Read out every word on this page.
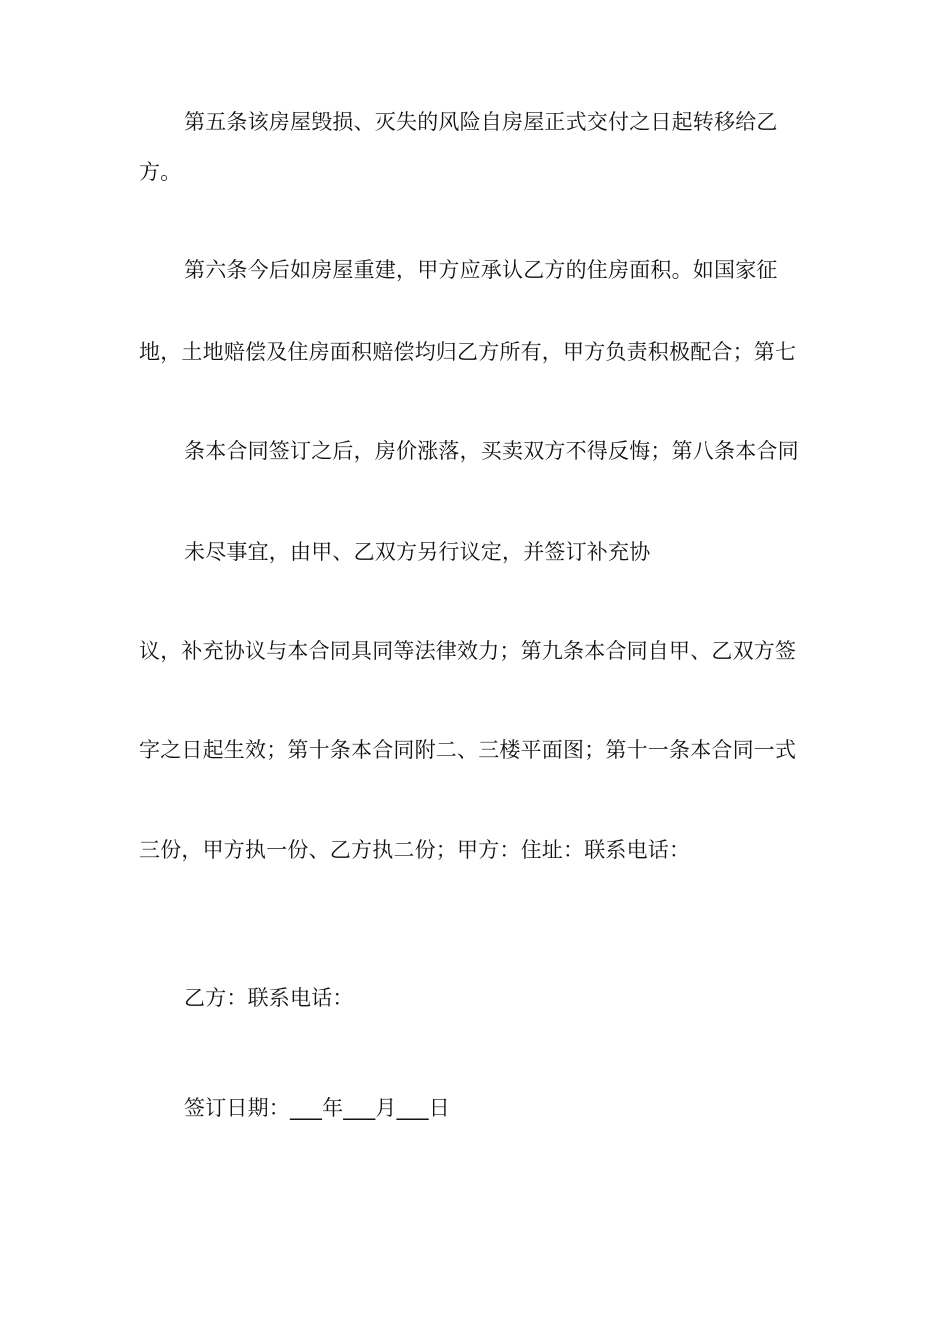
第五条该房屋毁损、灭失的风险自房屋正式交付之日起转移给乙
方。
第六条今后如房屋重建，甲方应承认乙方的住房面积。如国家征
地，土地赔偿及住房面积赔偿均归乙方所有，甲方负责积极配合；第七
条本合同签订之后，房价涨落，买卖双方不得反悔；第八条本合同
未尽事宜，由甲、乙双方另行议定，并签订补充协
议，补充协议与本合同具同等法律效力；第九条本合同自甲、乙双方签
字之日起生效；第十条本合同附二、三楼平面图；第十一条本合同一式
三份，甲方执一份、乙方执二份；甲方：住址：联系电话：
乙方：联系电话：
签订日期：___年___月___日
